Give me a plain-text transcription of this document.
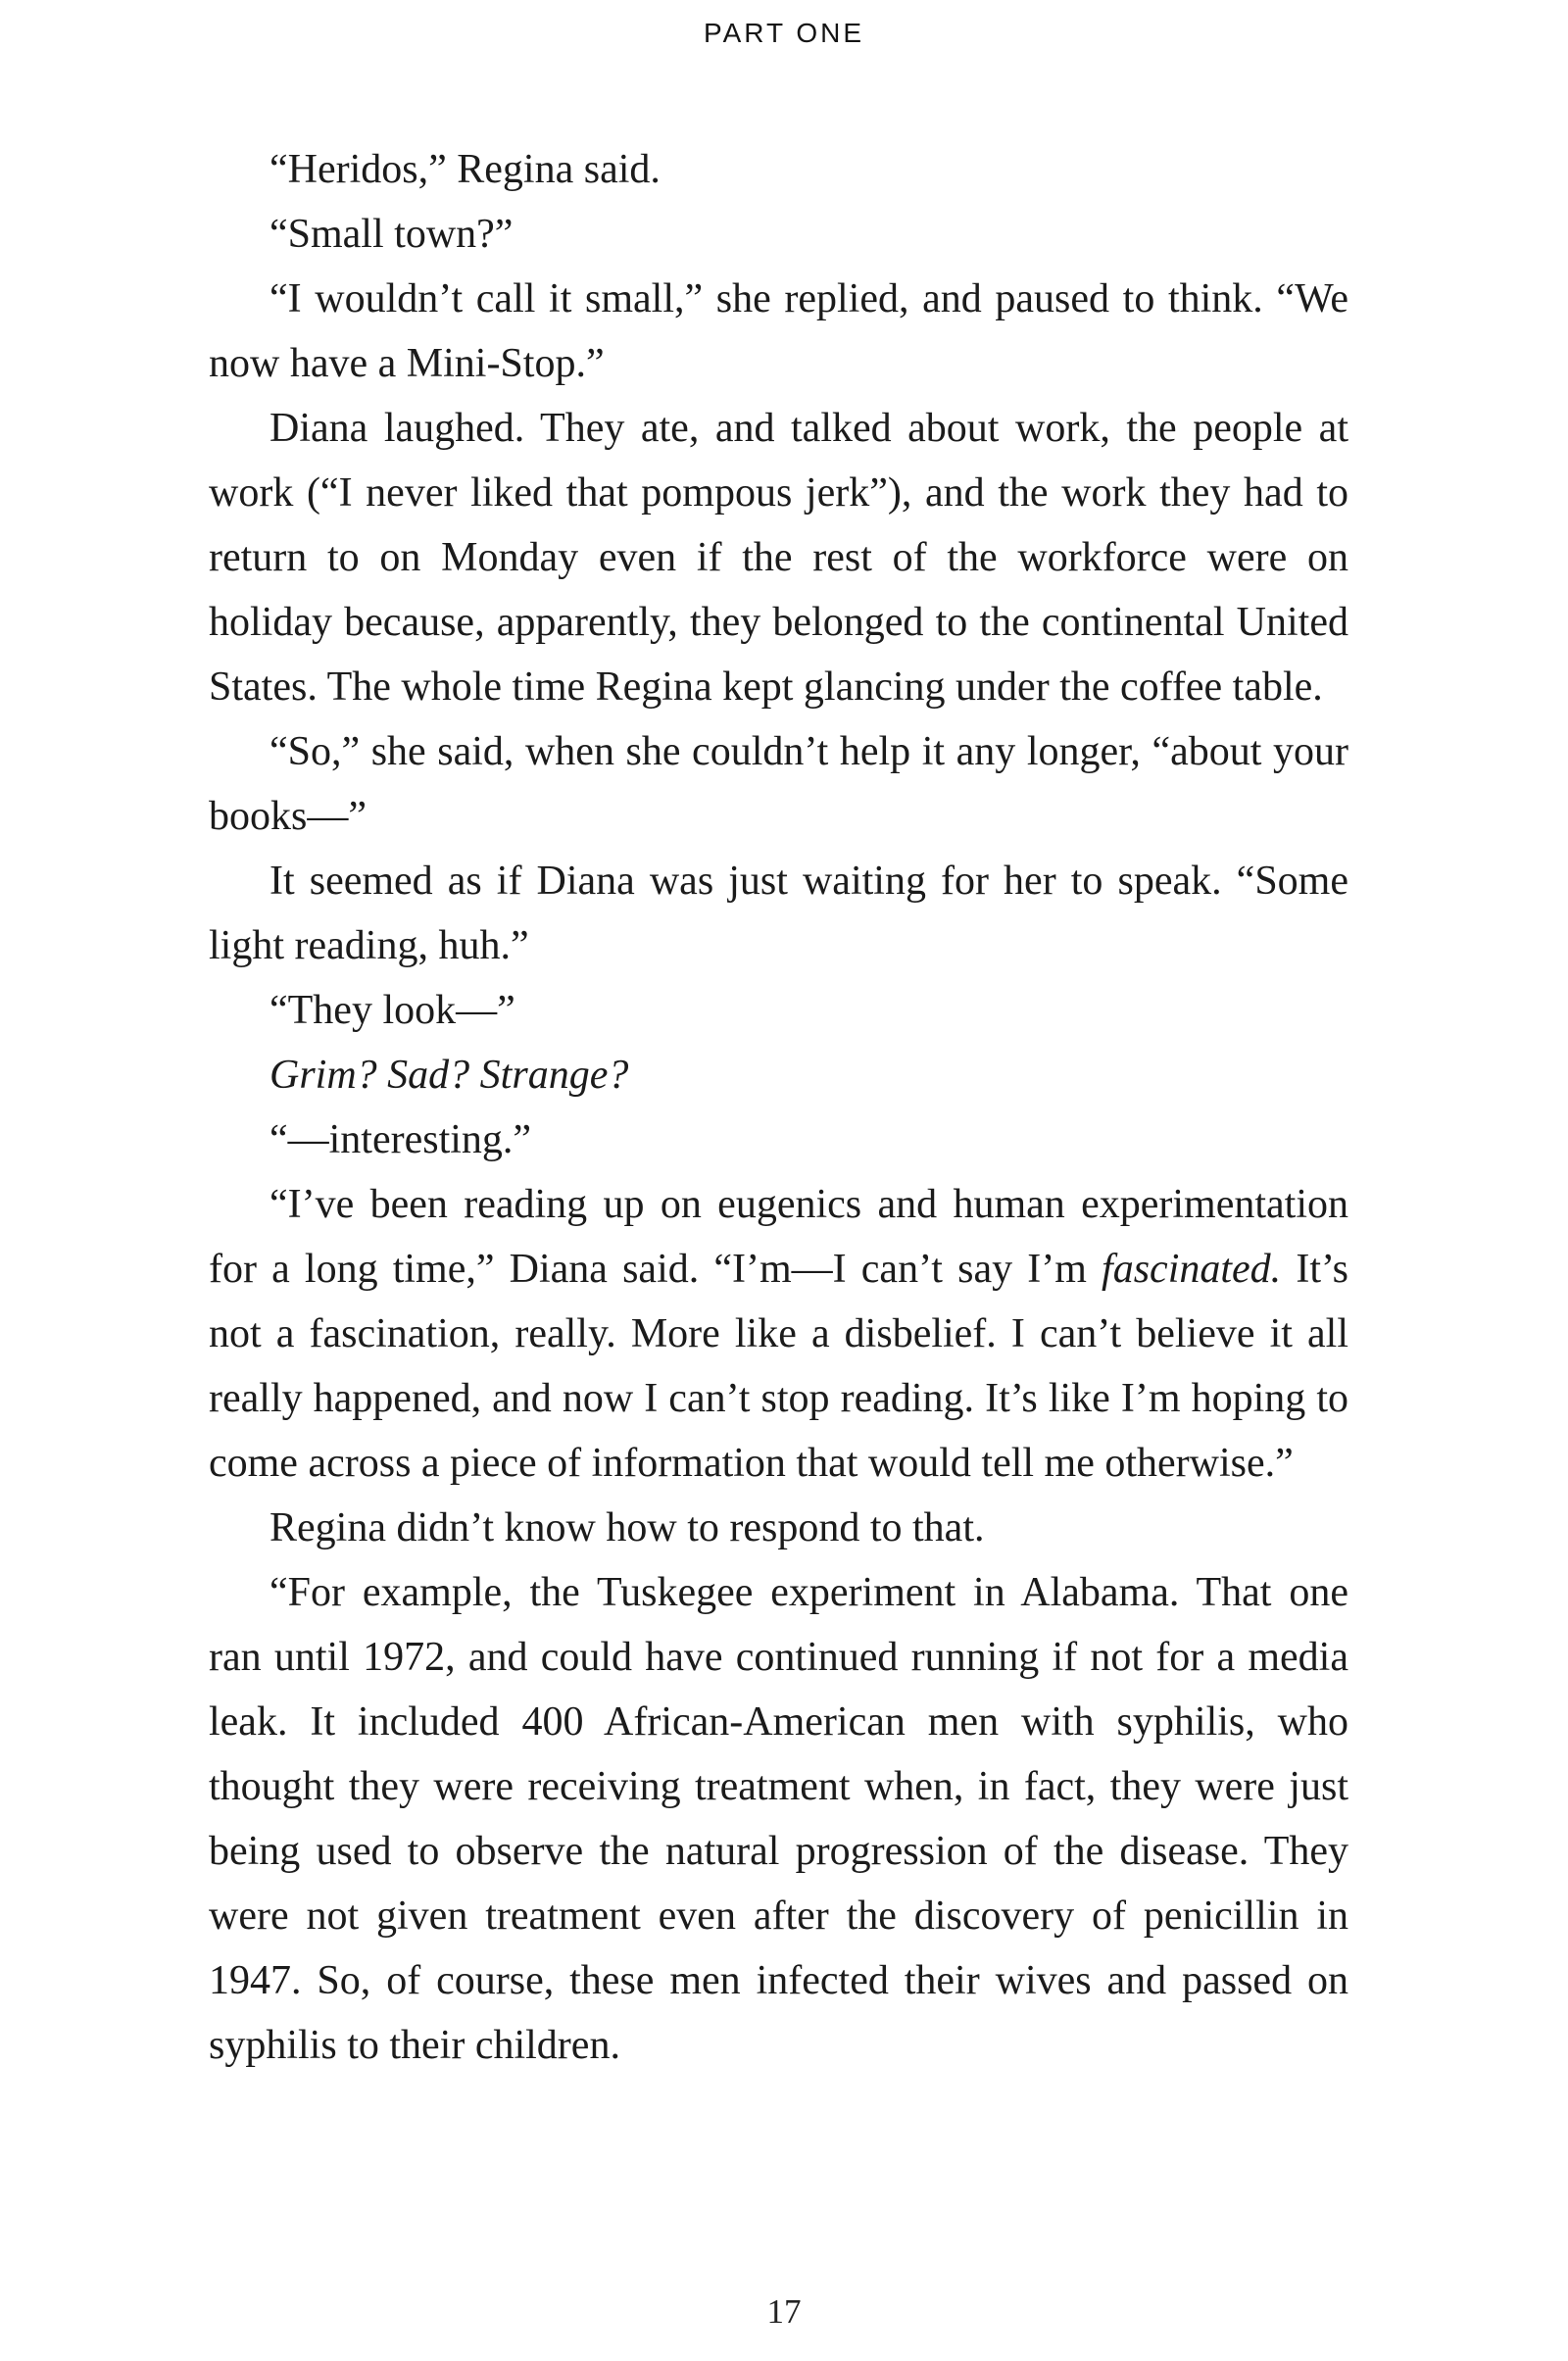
PART ONE

“Heridos,” Regina said.

“Small town?”

“I wouldn’t call it small,” she replied, and paused to think. “We now have a Mini-Stop.”

Diana laughed. They ate, and talked about work, the people at work (“I never liked that pompous jerk”), and the work they had to return to on Monday even if the rest of the workforce were on holiday because, apparently, they belonged to the continental United States. The whole time Regina kept glancing under the coffee table.

“So,” she said, when she couldn’t help it any longer, “about your books—”

It seemed as if Diana was just waiting for her to speak. “Some light reading, huh.”

“They look—”

Grim? Sad? Strange?

“—interesting.”

“I’ve been reading up on eugenics and human experimentation for a long time,” Diana said. “I’m—I can’t say I’m fascinated. It’s not a fascination, really. More like a disbelief. I can’t believe it all really happened, and now I can’t stop reading. It’s like I’m hoping to come across a piece of information that would tell me otherwise.”

Regina didn’t know how to respond to that.

“For example, the Tuskegee experiment in Alabama. That one ran until 1972, and could have continued running if not for a media leak. It included 400 African-American men with syphilis, who thought they were receiving treatment when, in fact, they were just being used to observe the natural progression of the disease. They were not given treatment even after the discovery of penicillin in 1947. So, of course, these men infected their wives and passed on syphilis to their children.

17
